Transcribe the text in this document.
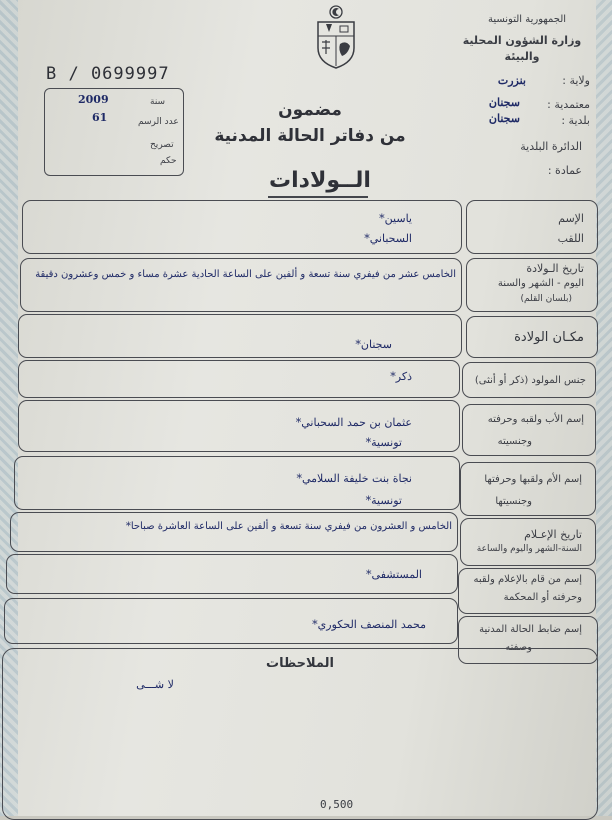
الجمهورية التونسية
وزارة الشؤون المحلية
والبيئة
ولاية :
بنزرت
معتمدية :
سجنان
بلدية :
سجنان
الدائرة البلدية
عمادة :
B / 0699997
2009	سنة
61	عدد الرسم
تصريح
حكم
مضمون
من دفاتر الحالة المدنية
الــولادات
الإسم
اللقب
ياسين*
السحباني*
تاريخ الـولادة
اليوم - الشهر والسنة
(بلسان القلم)
الخامس عشر من فيفري سنة تسعة و ألفين على الساعة الحادية عشرة مساء و خمس وعشرون دقيقة
مكـان الولادة
سجنان*
جنس المولود (ذكر أو أنثى)
ذكر*
إسم الأب ولقبه وحرفته
وجنسيته
عثمان بن حمد السحباني*
تونسية*
إسم الأم ولقبها وحرفتها
وجنسيتها
نجاة بنت خليفة السلامي*
تونسية*
تاريخ الإعـلام
السنة-الشهر واليوم والساعة
الخامس و العشرون من فيفري سنة تسعة و ألفين على الساعة العاشرة صباحا*
إسم من قام بالإعلام ولقبه
وحرفته أو المحكمة
المستشفى*
إسم ضابط الحالة المدنية
وصفته
محمد المنصف الحكوري*
الملاحظات
لا شـــى
0,500
